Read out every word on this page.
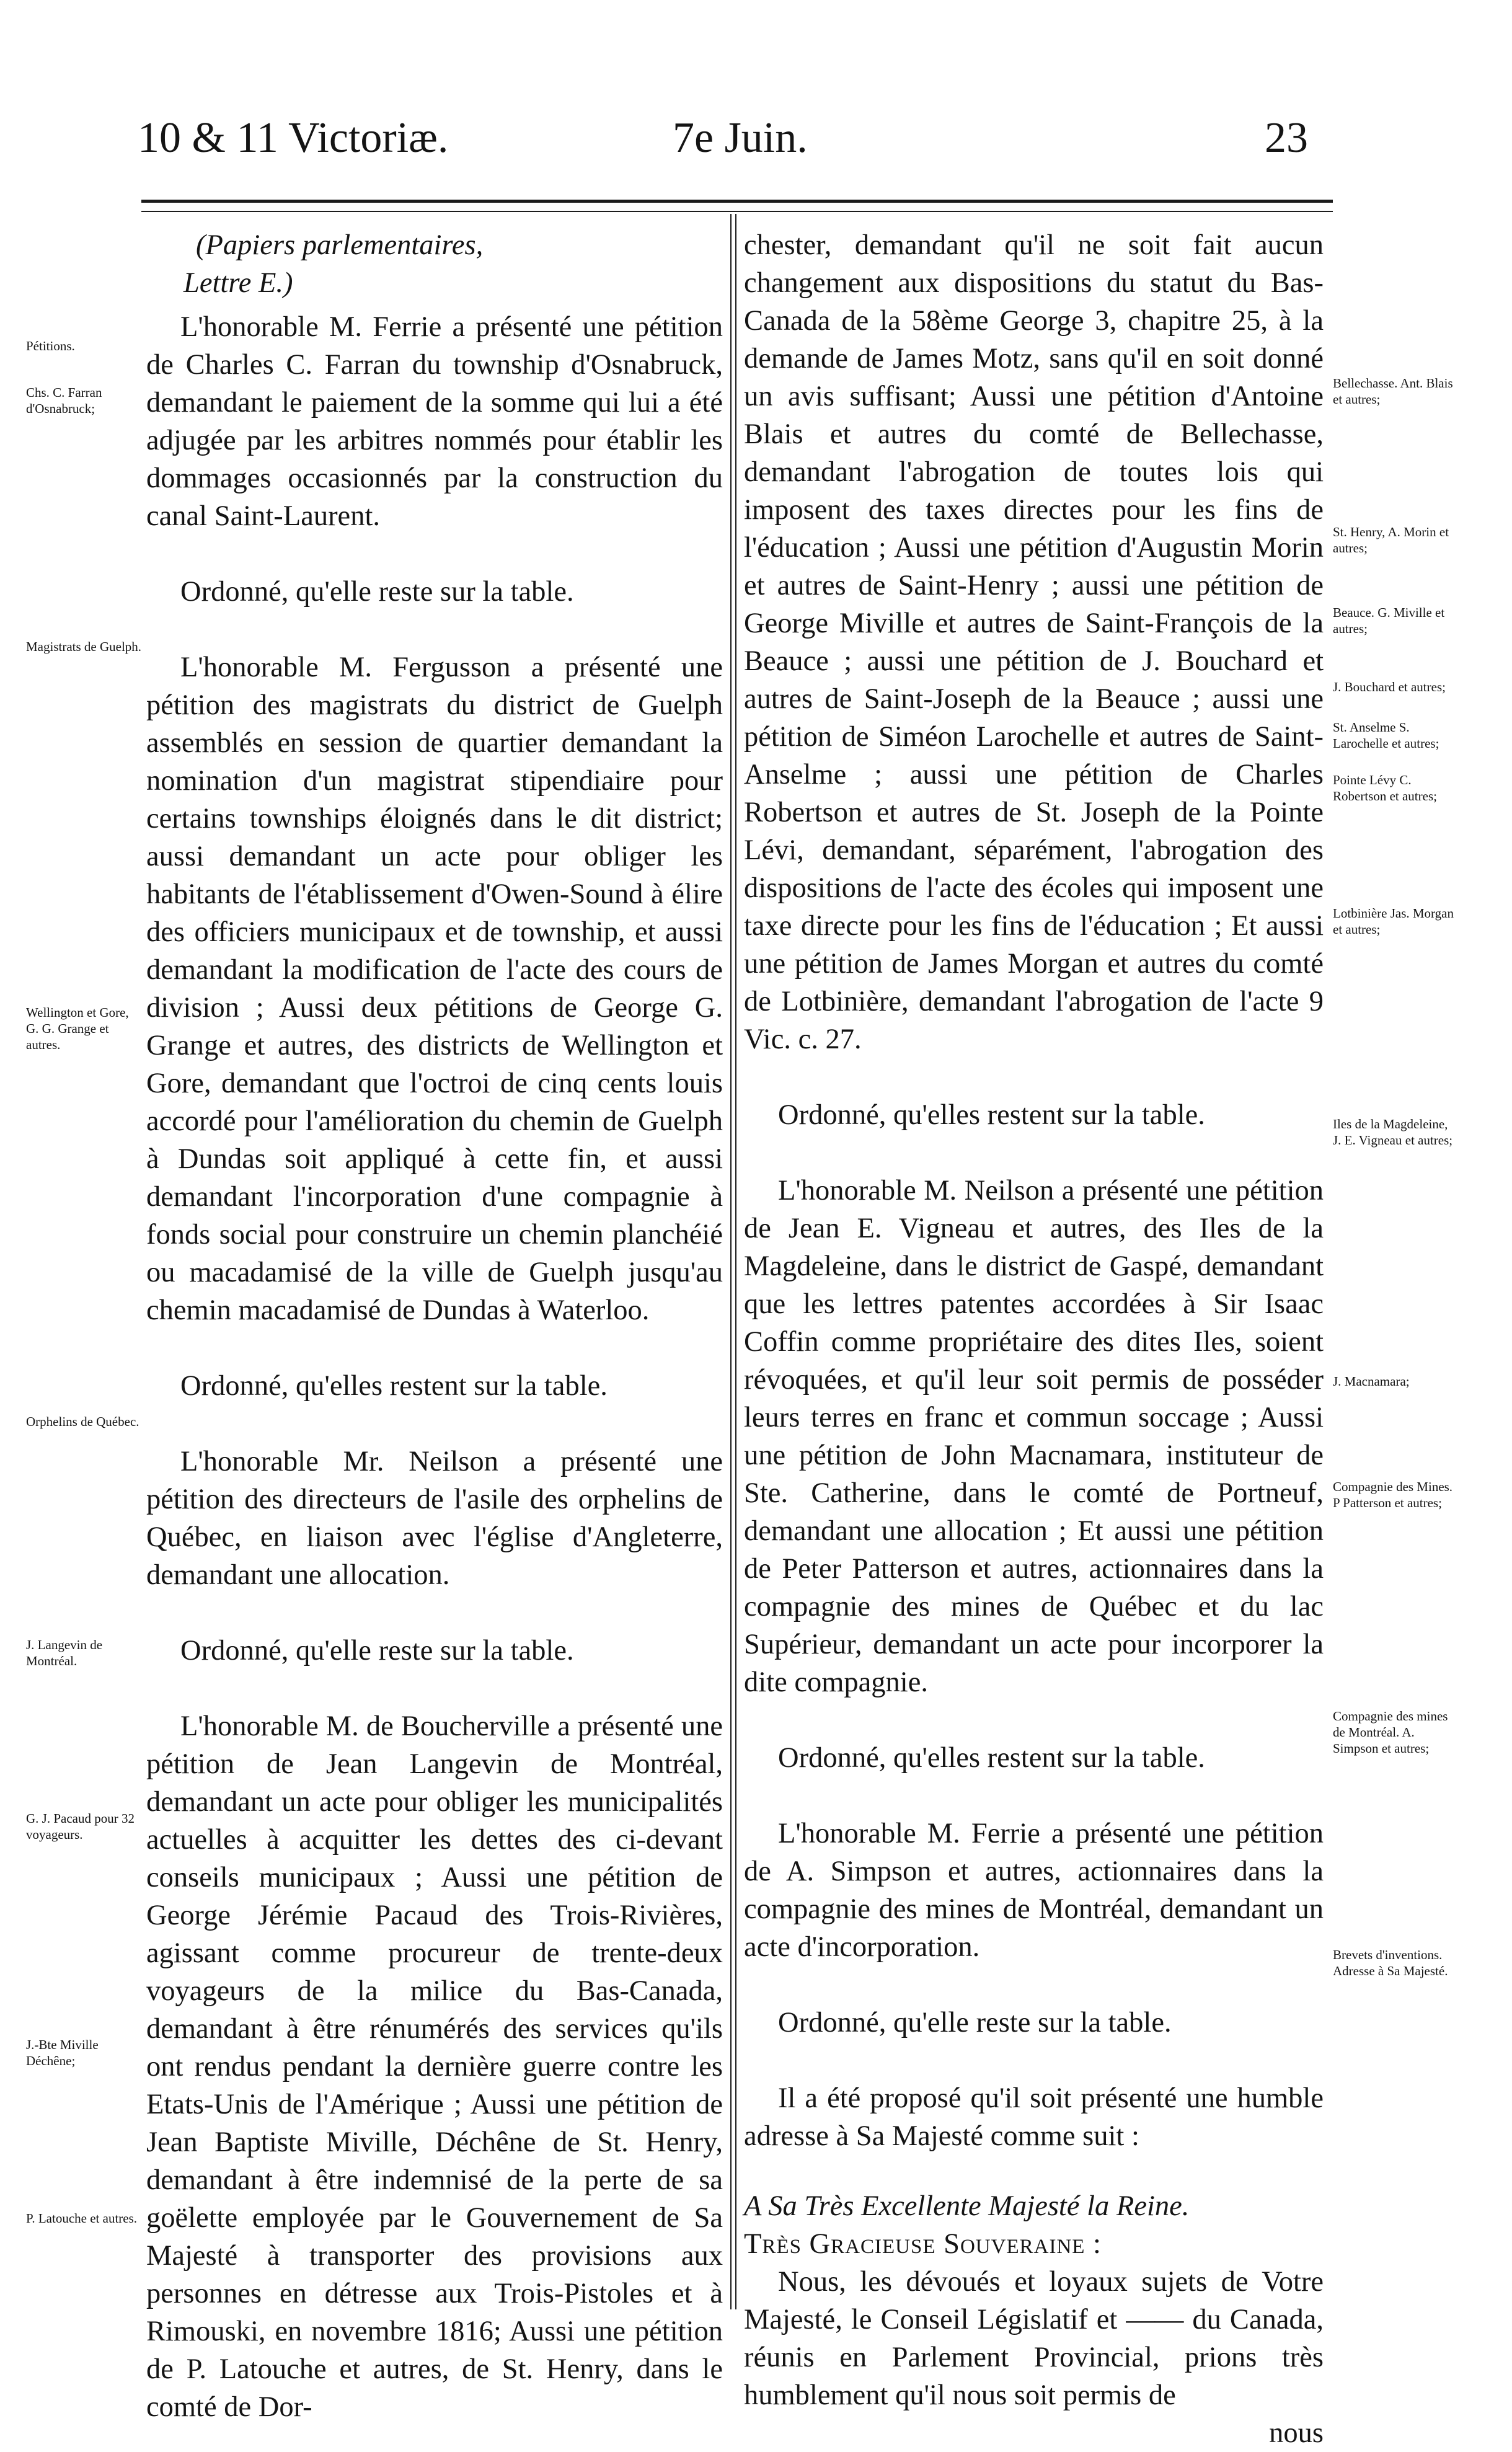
10 & 11 Victoriæ.	7e Juin.	23
Pétitions.
Chs. C. Farran d'Osnabruck;
Magistrats de Guelph.
Wellington et Gore, G. G. Grange et autres.
Orphelins de Québec.
J. Langevin de Montréal.
G. J. Pacaud pour 32 voyageurs.
J.-Bte Miville Déchêne;
P. Latouche et autres.

(Papiers parlementaires,

Lettre E.)

L'honorable M. Ferrie a présenté une pétition de Charles C. Farran du township d'Osnabruck, demandant le paiement de la somme qui lui a été adjugée par les arbitres nommés pour établir les dommages occasionnés par la construction du canal Saint-Laurent.

Ordonné, qu'elle reste sur la table.

L'honorable M. Fergusson a présenté une pétition des magistrats du district de Guelph assemblés en session de quartier demandant la nomination d'un magistrat stipendiaire pour certains townships éloignés dans le dit district; aussi demandant un acte pour obliger les habitants de l'établissement d'Owen-Sound à élire des officiers municipaux et de township, et aussi demandant la modification de l'acte des cours de division ; Aussi deux pétitions de George G. Grange et autres, des districts de Wellington et Gore, demandant que l'octroi de cinq cents louis accordé pour l'amélioration du chemin de Guelph à Dundas soit appliqué à cette fin, et aussi demandant l'incorporation d'une compagnie à fonds social pour construire un chemin planchéié ou macadamisé de la ville de Guelph jusqu'au chemin macadamisé de Dundas à Waterloo.

Ordonné, qu'elles restent sur la table.

L'honorable Mr. Neilson a présenté une pétition des directeurs de l'asile des orphelins de Québec, en liaison avec l'église d'Angleterre, demandant une allocation.

Ordonné, qu'elle reste sur la table.

L'honorable M. de Boucherville a présenté une pétition de Jean Langevin de Montréal, demandant un acte pour obliger les municipalités actuelles à acquitter les dettes des ci-devant conseils municipaux ; Aussi une pétition de George Jérémie Pacaud des Trois-Rivières, agissant comme procureur de trente-deux voyageurs de la milice du Bas-Canada, demandant à être rénumérés des services qu'ils ont rendus pendant la dernière guerre contre les Etats-Unis de l'Amérique ; Aussi une pétition de Jean Baptiste Miville, Déchêne de St. Henry, demandant à être indemnisé de la perte de sa goëlette employée par le Gouvernement de Sa Majesté à transporter des provisions aux personnes en détresse aux Trois-Pistoles et à Rimouski, en novembre 1816; Aussi une pétition de P. Latouche et autres, de St. Henry, dans le comté de Dor-

chester, demandant qu'il ne soit fait aucun changement aux dispositions du statut du Bas-Canada de la 58ème George 3, chapitre 25, à la demande de James Motz, sans qu'il en soit donné un avis suffisant; Aussi une pétition d'Antoine Blais et autres du comté de Bellechasse, demandant l'abrogation de toutes lois qui imposent des taxes directes pour les fins de l'éducation ; Aussi une pétition d'Augustin Morin et autres de Saint-Henry ; aussi une pétition de George Miville et autres de Saint-François de la Beauce ; aussi une pétition de J. Bouchard et autres de Saint-Joseph de la Beauce ; aussi une pétition de Siméon Larochelle et autres de Saint-Anselme ; aussi une pétition de Charles Robertson et autres de St. Joseph de la Pointe Lévi, demandant, séparément, l'abrogation des dispositions de l'acte des écoles qui imposent une taxe directe pour les fins de l'éducation ; Et aussi une pétition de James Morgan et autres du comté de Lotbinière, demandant l'abrogation de l'acte 9 Vic. c. 27.

Ordonné, qu'elles restent sur la table.

L'honorable M. Neilson a présenté une pétition de Jean E. Vigneau et autres, des Iles de la Magdeleine, dans le district de Gaspé, demandant que les lettres patentes accordées à Sir Isaac Coffin comme propriétaire des dites Iles, soient révoquées, et qu'il leur soit permis de posséder leurs terres en franc et commun soccage ; Aussi une pétition de John Macnamara, instituteur de Ste. Catherine, dans le comté de Portneuf, demandant une allocation ; Et aussi une pétition de Peter Patterson et autres, actionnaires dans la compagnie des mines de Québec et du lac Supérieur, demandant un acte pour incorporer la dite compagnie.

Ordonné, qu'elles restent sur la table.

L'honorable M. Ferrie a présenté une pétition de A. Simpson et autres, actionnaires dans la compagnie des mines de Montréal, demandant un acte d'incorporation.

Ordonné, qu'elle reste sur la table.

Il a été proposé qu'il soit présenté une humble adresse à Sa Majesté comme suit :

A Sa Très Excellente Majesté la Reine.

Très Gracieuse Souveraine :

Nous, les dévoués et loyaux sujets de Votre Majesté, le Conseil Législatif et —— du Canada, réunis en Parlement Provincial, prions très humblement qu'il nous soit permis de

nous

Bellechasse. Ant. Blais et autres;
St. Henry, A. Morin et autres;
Beauce. G. Miville et autres;
J. Bouchard et autres;
St. Anselme S. Larochelle et autres;
Pointe Lévy C. Robertson et autres;
Lotbinière Jas. Morgan et autres;
Iles de la Magdeleine, J. E. Vigneau et autres;
J. Macnamara;
Compagnie des Mines. P Patterson et autres;
Compagnie des mines de Montréal. A. Simpson et autres;
Brevets d'inventions. Adresse à Sa Majesté.
